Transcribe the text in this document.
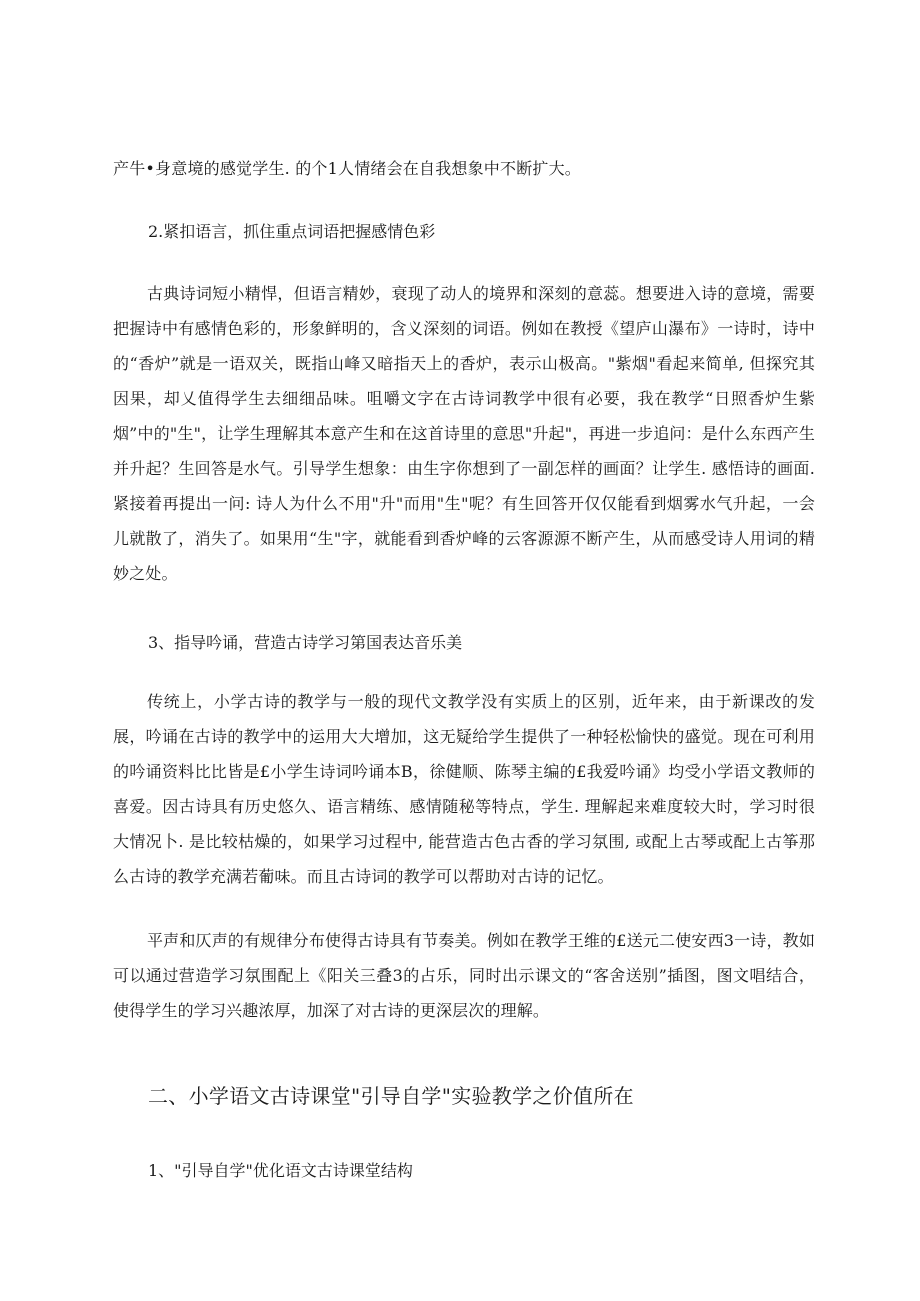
产牛•身意境的感觉学生. 的个1人情绪会在自我想象中不断扩大。
2.紧扣语言，抓住重点词语把握感情色彩

古典诗词短小精悍，但语言精妙，衰现了动人的境界和深刻的意蕊。想要进入诗的意境，需要把握诗中有感情色彩的，形象鲜明的，含义深刻的词语。例如在教授《望庐山瀑布》一诗时，诗中的“香炉”就是一语双关，既指山峰又暗指天上的香炉，表示山极高。"紫烟"看起来简单, 但探究其因果，却乂值得学生去细细品味。咀嚼文字在古诗词教学中很有必要，我在教学“日照香炉生紫烟”中的"生"，让学生理解其本意产生和在这首诗里的意思"升起"，再进一步追问：是什么东西产生并升起？生回答是水气。引导学生想象：由生字你想到了一副怎样的画面？让学生. 感悟诗的画面. 紧接着再提出一问: 诗人为什么不用"升"而用"生"呢？有生回答开仅仅能看到烟雾水气升起，一会儿就散了，消失了。如果用“生"字，就能看到香炉峰的云客源源不断产生，从而感受诗人用词的精妙之处。

3、指导吟诵，营造古诗学习第国表达音乐美

传统上，小学古诗的教学与一般的现代文教学没有实质上的区别，近年来，由于新课改的发展，吟诵在古诗的教学中的运用大大增加，这无疑给学生提供了一种轻松愉快的盛觉。现在可利用的吟诵资料比比皆是£小学生诗词吟诵本B，徐健顺、陈琴主编的£我爱吟诵》均受小学语文教师的喜爱。因古诗具有历史悠久、语言精练、感情随秘等特点，学生. 理解起来难度较大时，学习时很大情况卜. 是比较枯燥的，如果学习过程中, 能营造古色古香的学习氛围, 或配上古琴或配上古筝那么古诗的教学充满若葡味。而且古诗词的教学可以帮助对古诗的记忆。

平声和仄声的有规律分布使得古诗具有节奏美。例如在教学王维的£送元二使安西3一诗，教如可以通过营造学习氛围配上《阳关三叠3的占乐，同时出示课文的“客舍送别”插图，图文唱结合，使得学生的学习兴趣浓厚，加深了对古诗的更深层次的理解。

二、小学语文古诗课堂"引导自学"实验教学之价值所在
1、"引导自学"优化语文古诗课堂结构
